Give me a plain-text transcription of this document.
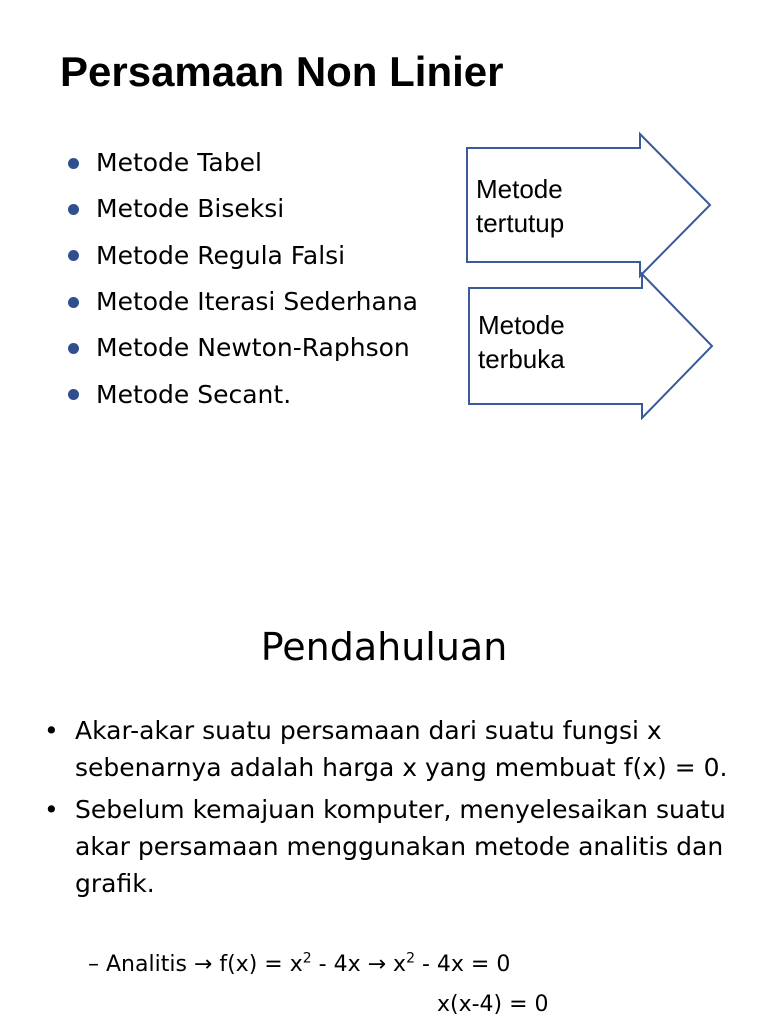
Persamaan Non Linier
Metode Tabel
Metode Biseksi
Metode Regula Falsi
Metode Iterasi Sederhana
Metode Newton-Raphson
Metode Secant.
Metode
tertutup
Metode
terbuka
Pendahuluan
• Akar-akar suatu persamaan dari suatu fungsi x sebenarnya adalah harga x yang membuat f(x) = 0.
• Sebelum kemajuan komputer, menyelesaikan suatu akar persamaan menggunakan metode analitis dan grafik.
– Analitis → $f(x) = x^2 - 4x \to x^2 - 4x = 0$
x(x-4) = 0
